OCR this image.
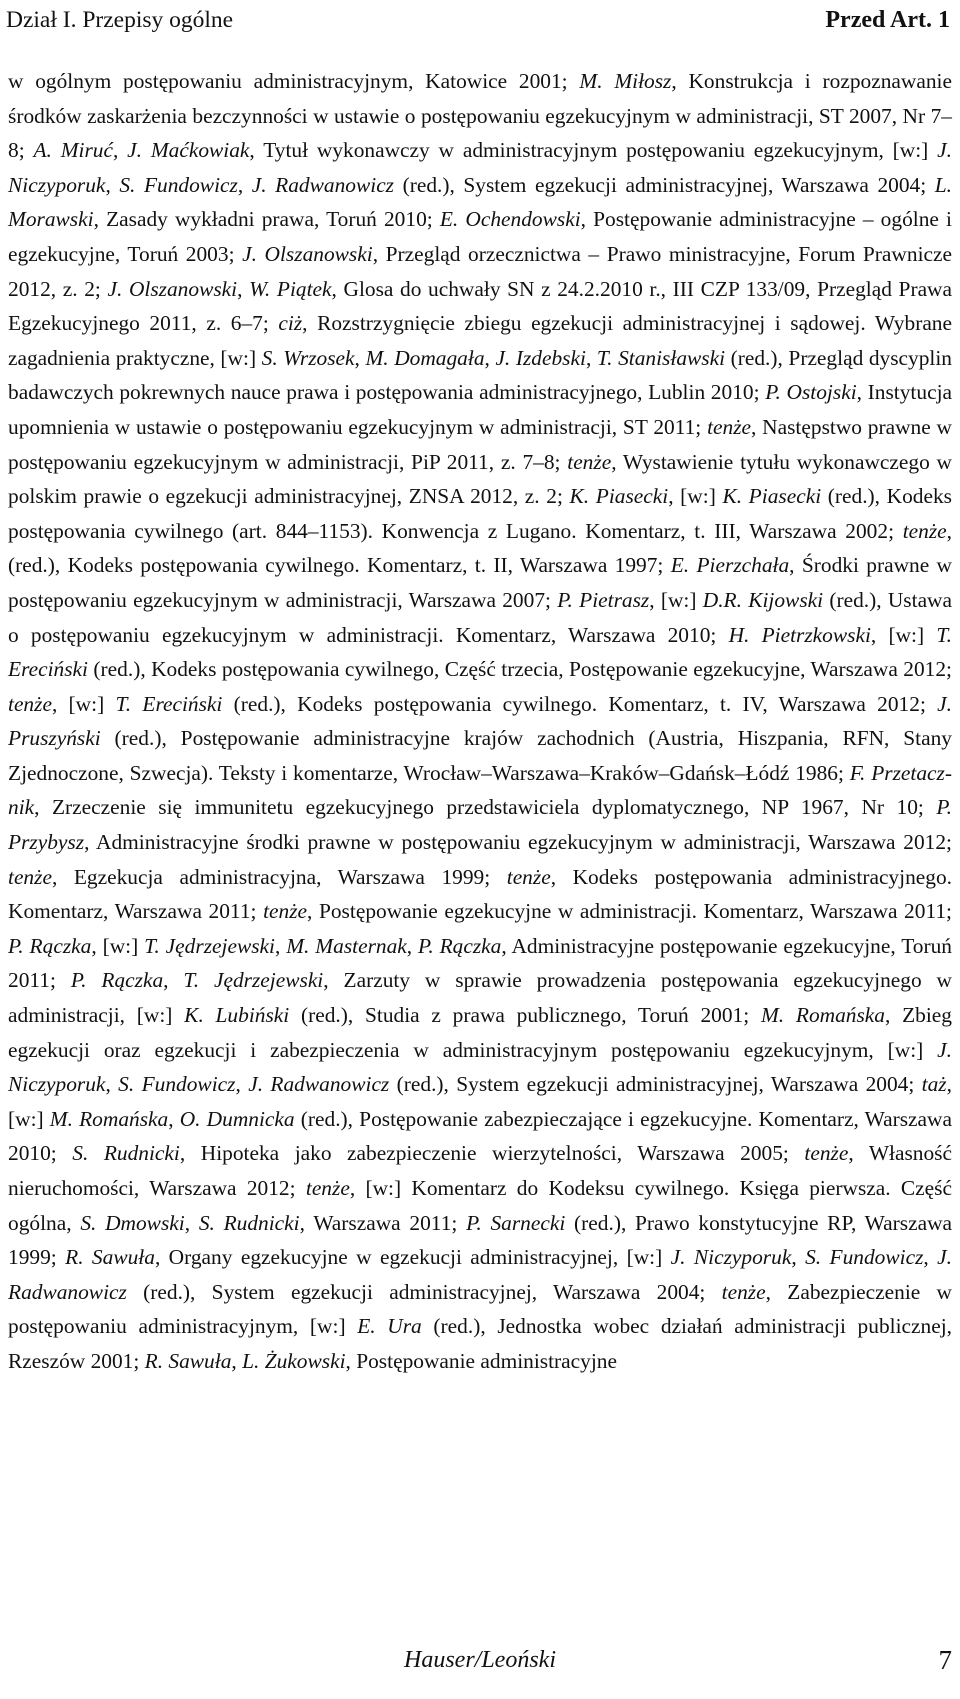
Dział I. Przepisy ogólne	Przed Art. 1
w ogólnym postępowaniu administracyjnym, Katowice 2001; M. Miłosz, Konstrukcja i rozpoznawanie środków zaskarżenia bezczynności w ustawie o postępowaniu egzekucyjnym w administracji, ST 2007, Nr 7–8; A. Miruć, J. Maćkowiak, Tytuł wykonawczy w administracyjnym postępowaniu egzekucyjnym, [w:] J. Niczyporuk, S. Fundowicz, J. Radwanowicz (red.), System egzekucji administracyjnej, Warszawa 2004; L. Morawski, Zasady wykładni prawa, Toruń 2010; E. Ochendowski, Postępowanie administracyjne – ogólne i egzekucyjne, Toruń 2003; J. Olszanowski, Przegląd orzecznictwa – Prawo ministracyjne, Forum Prawnicze 2012, z. 2; J. Olszanowski, W. Piątek, Glosa do uchwały SN z 24.2.2010 r., III CZP 133/09, Przegląd Prawa Egzekucyjnego 2011, z. 6–7; ciż, Rozstrzygnięcie zbiegu egzekucji administracyjnej i sądowej. Wybrane zagadnienia praktyczne, [w:] S. Wrzosek, M. Domagała, J. Izdebski, T. Stanisławski (red.), Przegląd dyscyplin badawczych pokrewnych nauce prawa i postępowania administracyjnego, Lublin 2010; P. Ostojski, Instytucja upomnienia w ustawie o postępowaniu egzekucyjnym w administracji, ST 2011; tenże, Następstwo prawne w postępowaniu egzekucyjnym w administracji, PiP 2011, z. 7–8; tenże, Wystawienie tytułu wykonawczego w polskim prawie o egzekucji administracyjnej, ZNSA 2012, z. 2; K. Piasecki, [w:] K. Piasecki (red.), Kodeks postępowania cywilnego (art. 844–1153). Konwencja z Lugano. Komentarz, t. III, Warszawa 2002; tenże, (red.), Kodeks postępowania cywilnego. Komentarz, t. II, Warszawa 1997; E. Pierzchała, Środki prawne w postępowaniu egzekucyjnym w administracji, Warszawa 2007; P. Pietrasz, [w:] D.R. Kijowski (red.), Ustawa o postępowaniu egzekucyjnym w administracji. Komentarz, Warszawa 2010; H. Pietrzkowski, [w:] T. Ereciński (red.), Kodeks postępowania cywilnego, Część trzecia, Postępowanie egzekucyjne, Warszawa 2012; tenże, [w:] T. Ereciński (red.), Kodeks postępowania cywilnego. Komentarz, t. IV, Warszawa 2012; J. Pruszyński (red.), Postępowanie administracyjne krajów zachodnich (Austria, Hiszpania, RFN, Stany Zjednoczone, Szwecja). Teksty i komentarze, Wrocław–Warszawa–Kraków–Gdańsk–Łódź 1986; F. Przetacznik, Zrzeczenie się immunitetu egzekucyjnego przedstawiciela dyplomatycznego, NP 1967, Nr 10; P. Przybysz, Administracyjne środki prawne w postępowaniu egzekucyjnym w administracji, Warszawa 2012; tenże, Egzekucja administracyjna, Warszawa 1999; tenże, Kodeks postępowania administracyjnego. Komentarz, Warszawa 2011; tenże, Postępowanie egzekucyjne w administracji. Komentarz, Warszawa 2011; P. Rączka, [w:] T. Jędrzejewski, M. Masternak, P. Rączka, Administracyjne postępowanie egzekucyjne, Toruń 2011; P. Rączka, T. Jędrzejewski, Zarzuty w sprawie prowadzenia postępowania egzekucyjnego w administracji, [w:] K. Lubiński (red.), Studia z prawa publicznego, Toruń 2001; M. Romańska, Zbieg egzekucji oraz egzekucji i zabezpieczenia w administracyjnym postępowaniu egzekucyjnym, [w:] J. Niczyporuk, S. Fundowicz, J. Radwanowicz (red.), System egzekucji administracyjnej, Warszawa 2004; taż, [w:] M. Romańska, O. Dumnicka (red.), Postępowanie zabezpieczające i egzekucyjne. Komentarz, Warszawa 2010; S. Rudnicki, Hipoteka jako zabezpieczenie wierzytelności, Warszawa 2005; tenże, Własność nieruchomości, Warszawa 2012; tenże, [w:] Komentarz do Kodeksu cywilnego. Księga pierwsza. Część ogólna, S. Dmowski, S. Rudnicki, Warszawa 2011; P. Sarnecki (red.), Prawo konstytucyjne RP, Warszawa 1999; R. Sawuła, Organy egzekucyjne w egzekucji administracyjnej, [w:] J. Niczyporuk, S. Fundowicz, J. Radwanowicz (red.), System egzekucji administracyjnej, Warszawa 2004; tenże, Zabezpieczenie w postępowaniu administracyjnym, [w:] E. Ura (red.), Jednostka wobec działań administracji publicznej, Rzeszów 2001; R. Sawuła, L. Żukowski, Postępowanie administracyjne
Hauser/Leoński	7
